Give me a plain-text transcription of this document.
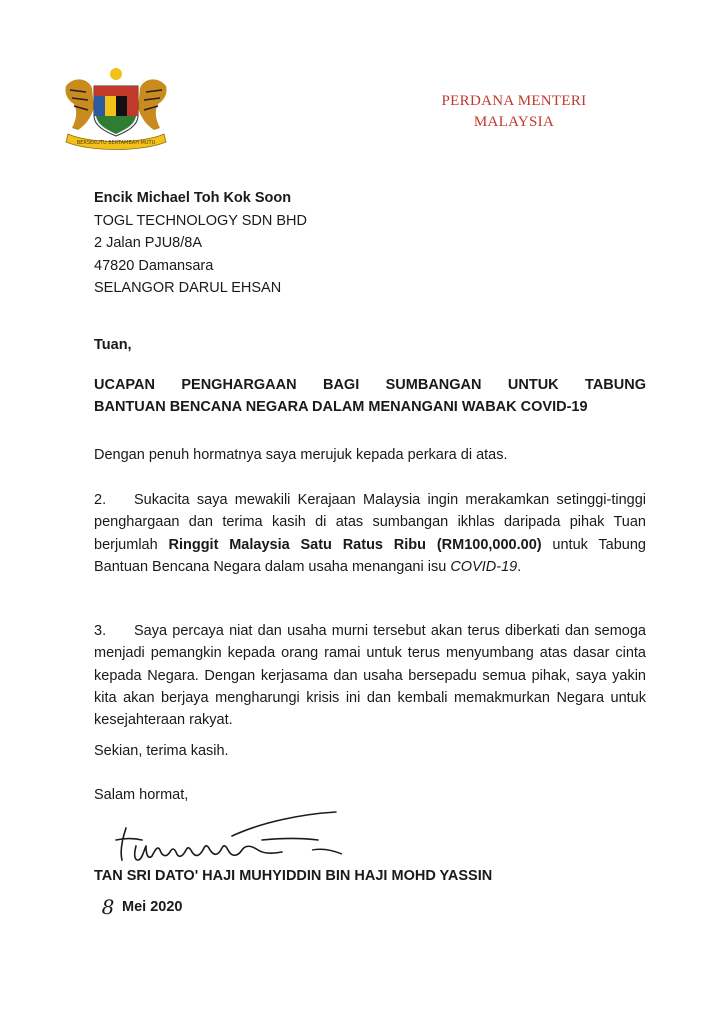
BERSEKUTU BERTAMBAH MUTU
PERDANA MENTERI
MALAYSIA
Encik Michael Toh Kok Soon
TOGL TECHNOLOGY SDN BHD
2 Jalan PJU8/8A
47820 Damansara
SELANGOR DARUL EHSAN
Tuan,
UCAPAN PENGHARGAAN BAGI SUMBANGAN UNTUK TABUNG
BANTUAN BENCANA NEGARA DALAM MENANGANI WABAK COVID-19
Dengan penuh hormatnya saya merujuk kepada perkara di atas.
2. Sukacita saya mewakili Kerajaan Malaysia ingin merakamkan setinggi-tinggi penghargaan dan terima kasih di atas sumbangan ikhlas daripada pihak Tuan berjumlah Ringgit Malaysia Satu Ratus Ribu (RM100,000.00) untuk Tabung Bantuan Bencana Negara dalam usaha menangani isu COVID-19.
3. Saya percaya niat dan usaha murni tersebut akan terus diberkati dan semoga menjadi pemangkin kepada orang ramai untuk terus menyumbang atas dasar cinta kepada Negara. Dengan kerjasama dan usaha bersepadu semua pihak, saya yakin kita akan berjaya mengharungi krisis ini dan kembali memakmurkan Negara untuk kesejahteraan rakyat.
Sekian, terima kasih.
Salam hormat,
TAN SRI DATO' HAJI MUHYIDDIN BIN HAJI MOHD YASSIN
8 Mei 2020
